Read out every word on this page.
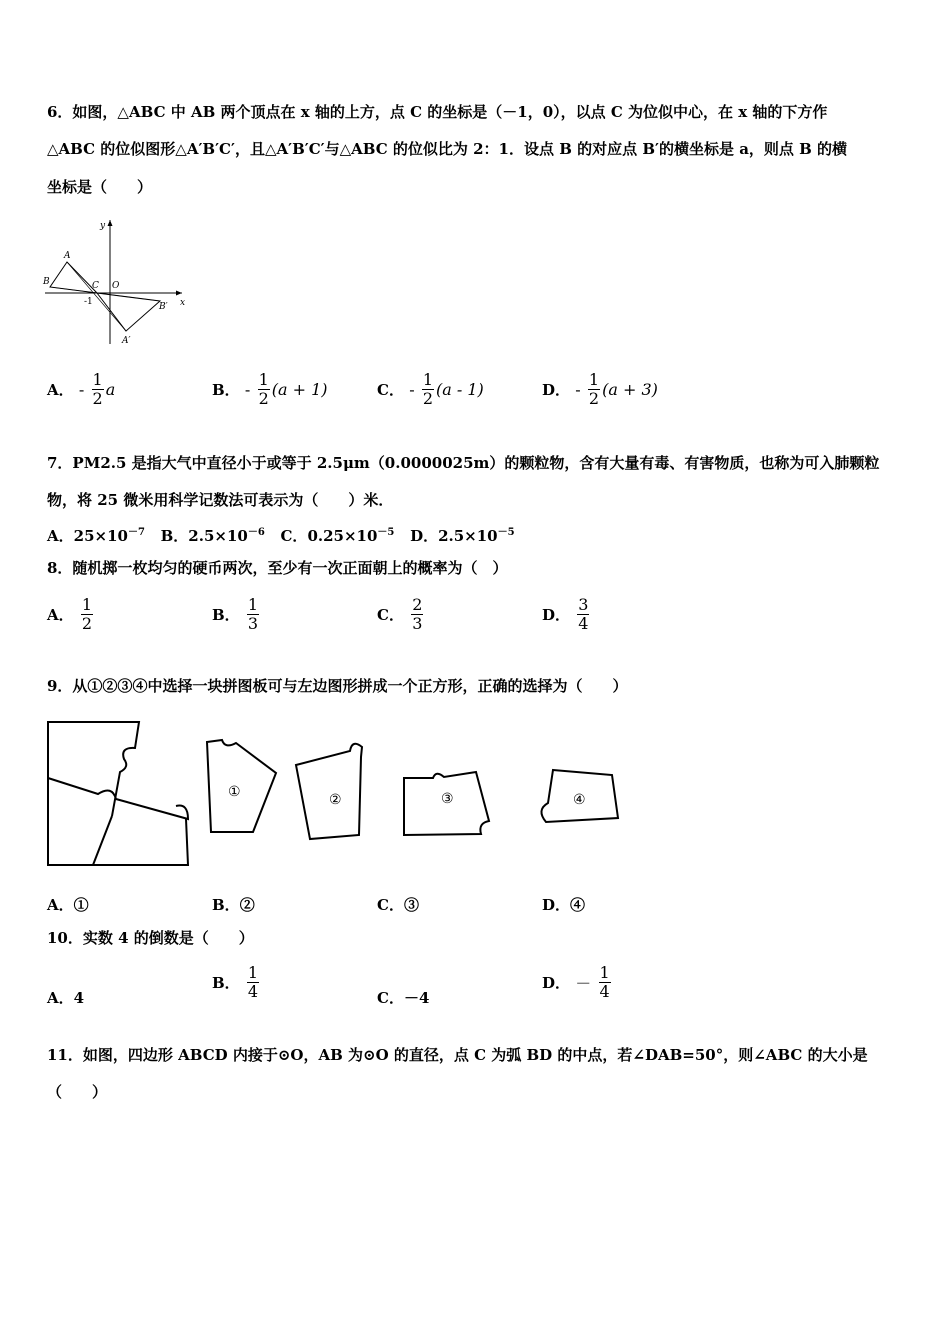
6．如图，△ABC 中 AB 两个顶点在 x 轴的上方，点 C 的坐标是（－1，0），以点 C 为位似中心，在 x 轴的下方作
△ABC 的位似图形△A′B′C′，且△A′B′C′与△ABC 的位似比为 2：1．设点 B 的对应点 B′的横坐标是 a，则点 B 的横
坐标是（　　）
y
x
A
B	C O
-1	B′
A′
A． - $\frac{1}{2}$ a	B． - $\frac{1}{2} (a + 1)$	C． - $\frac{1}{2} (a - 1)$	D． - $\frac{1}{2} (a + 3)$
7．PM2.5 是指大气中直径小于或等于 2.5μm（0.0000025m）的颗粒物，含有大量有毒、有害物质，也称为可入肺颗粒
物，将 25 微米用科学记数法可表示为（　　）米．
A．$25\times 10^{-7}$ B．$2.5\times 10^{-6}$ C．$0.25\times 10^{-5}$ D．$2.5\times 10^{-5}$
8．随机掷一枚均匀的硬币两次，至少有一次正面朝上的概率为（　）
A． $\frac{1}{2}$	B． $\frac{1}{3}$	C． $\frac{2}{3}$	D． $\frac{3}{4}$
9．从①②③④中选择一块拼图板可与左边图形拼成一个正方形，正确的选择为（　　）
①	②	③	④
A．①	B．②	C．③	D．④
10．实数 4 的倒数是（　　）
A．4
B． $\frac{1}{4}$	C．－4
D． － $\frac{1}{4}$
11．如图，四边形 ABCD 内接于⊙O，AB 为⊙O 的直径，点 C 为弧 BD 的中点，若∠DAB=50°，则∠ABC 的大小是
（　　）
